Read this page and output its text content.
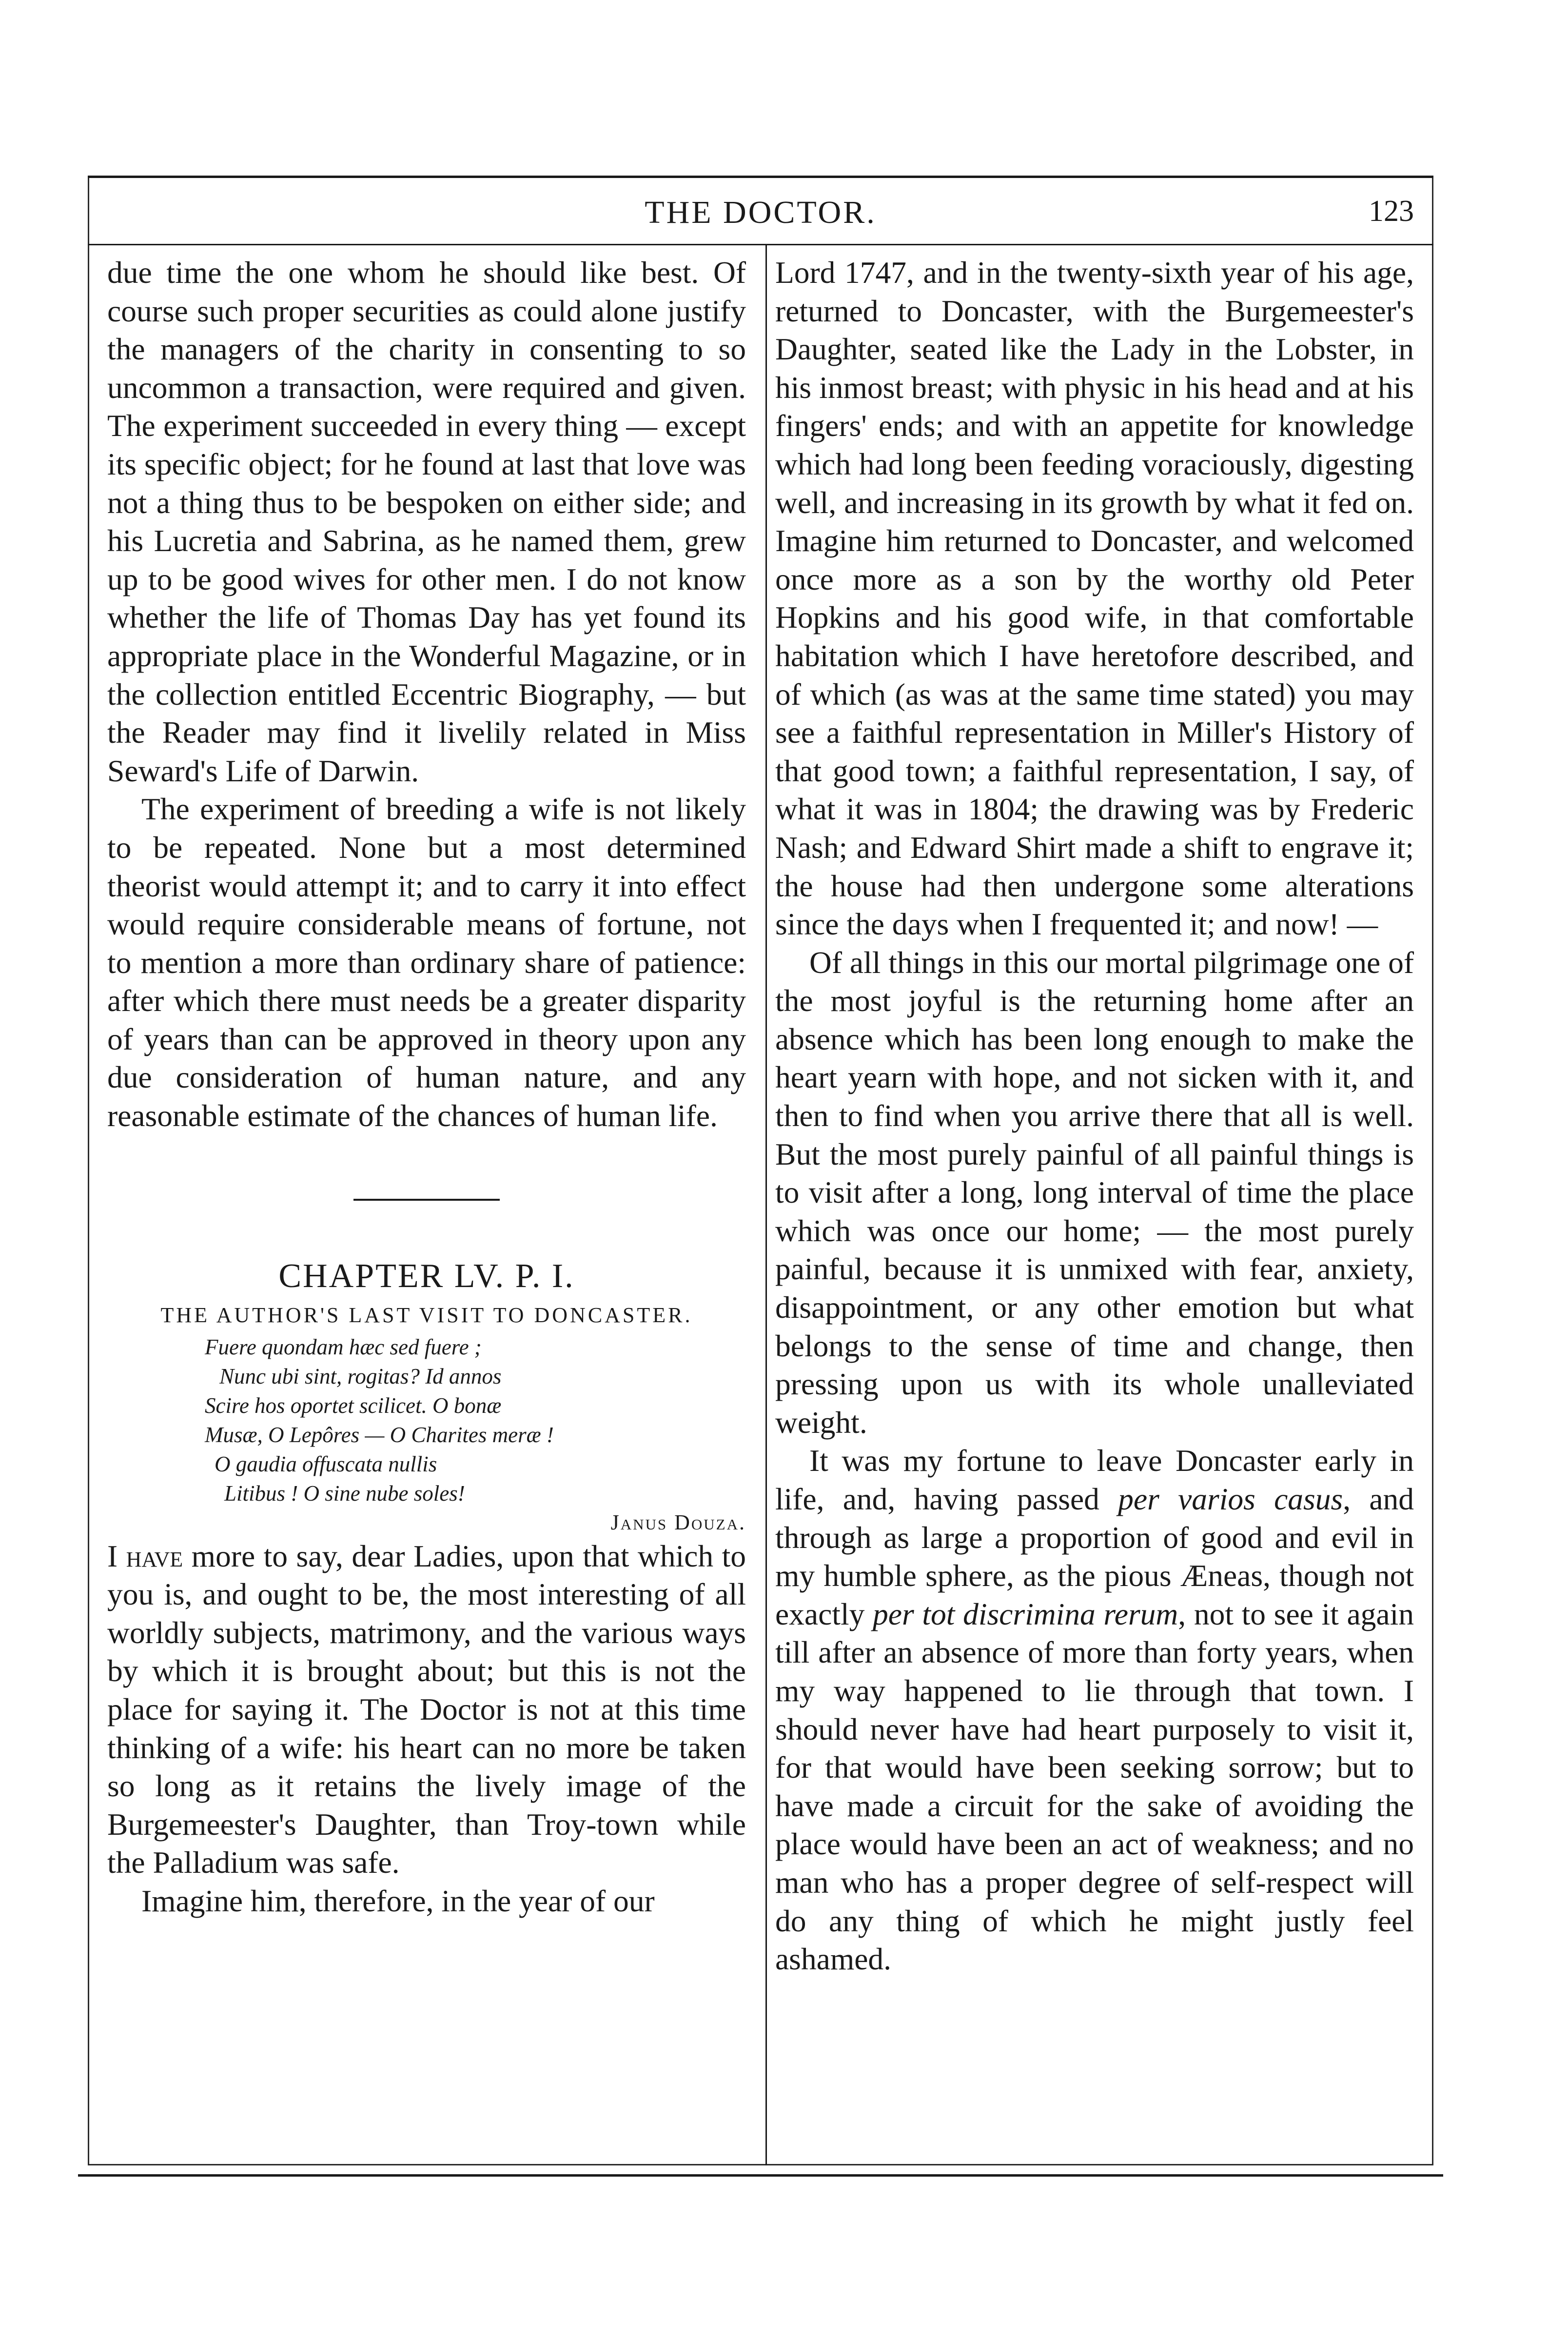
THE DOCTOR.	123

due time the one whom he should like best. Of course such proper securities as could alone justify the managers of the charity in consenting to so uncommon a transaction, were required and given. The experiment succeeded in every thing — except its specific object; for he found at last that love was not a thing thus to be bespoken on either side; and his Lucretia and Sabrina, as he named them, grew up to be good wives for other men. I do not know whether the life of Thomas Day has yet found its appropriate place in the Wonderful Magazine, or in the collection entitled Eccentric Biography, — but the Reader may find it livelily related in Miss Seward's Life of Darwin.

The experiment of breeding a wife is not likely to be repeated. None but a most determined theorist would attempt it; and to carry it into effect would require considerable means of fortune, not to mention a more than ordinary share of patience: after which there must needs be a greater disparity of years than can be approved in theory upon any due consideration of human nature, and any reasonable estimate of the chances of human life.

CHAPTER LV. P. I.

THE AUTHOR'S LAST VISIT TO DONCASTER.

Fuere quondam hæc sed fuere ;
Nunc ubi sint, rogitas? Id annos
Scire hos oportet scilicet. O bonæ
Musæ, O Lepôres — O Charites meræ !
O gaudia offuscata nullis
Litibus ! O sine nube soles!

Janus Douza.

I have more to say, dear Ladies, upon that which to you is, and ought to be, the most interesting of all worldly subjects, matrimony, and the various ways by which it is brought about; but this is not the place for saying it. The Doctor is not at this time thinking of a wife: his heart can no more be taken so long as it retains the lively image of the Burgemeester's Daughter, than Troy-town while the Palladium was safe.

Imagine him, therefore, in the year of our

Lord 1747, and in the twenty-sixth year of his age, returned to Doncaster, with the Burgemeester's Daughter, seated like the Lady in the Lobster, in his inmost breast; with physic in his head and at his fingers' ends; and with an appetite for knowledge which had long been feeding voraciously, digesting well, and increasing in its growth by what it fed on. Imagine him returned to Doncaster, and welcomed once more as a son by the worthy old Peter Hopkins and his good wife, in that comfortable habitation which I have heretofore described, and of which (as was at the same time stated) you may see a faithful representation in Miller's History of that good town; a faithful representation, I say, of what it was in 1804; the drawing was by Frederic Nash; and Edward Shirt made a shift to engrave it; the house had then undergone some alterations since the days when I frequented it; and now! —

Of all things in this our mortal pilgrimage one of the most joyful is the returning home after an absence which has been long enough to make the heart yearn with hope, and not sicken with it, and then to find when you arrive there that all is well. But the most purely painful of all painful things is to visit after a long, long interval of time the place which was once our home; — the most purely painful, because it is unmixed with fear, anxiety, disappointment, or any other emotion but what belongs to the sense of time and change, then pressing upon us with its whole unalleviated weight.

It was my fortune to leave Doncaster early in life, and, having passed per varios casus, and through as large a proportion of good and evil in my humble sphere, as the pious Æneas, though not exactly per tot discrimina rerum, not to see it again till after an absence of more than forty years, when my way happened to lie through that town. I should never have had heart purposely to visit it, for that would have been seeking sorrow; but to have made a circuit for the sake of avoiding the place would have been an act of weakness; and no man who has a proper degree of self-respect will do any thing of which he might justly feel ashamed.
